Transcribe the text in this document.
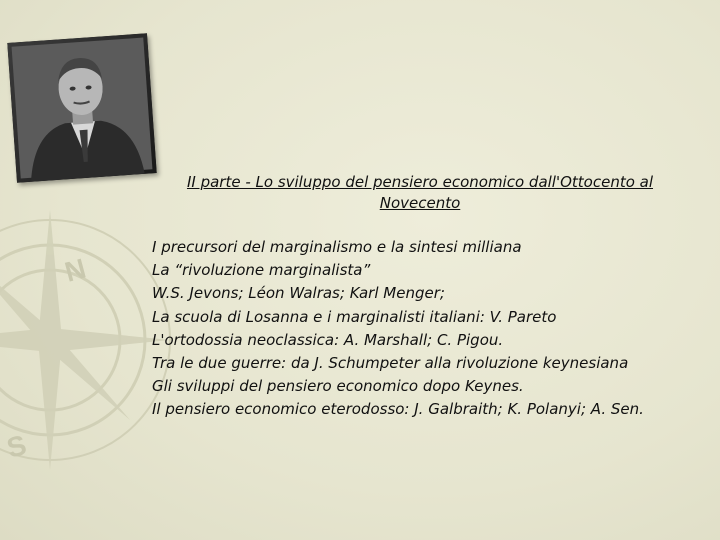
N
S
II parte - Lo sviluppo del pensiero economico dall'Ottocento al
Novecento
I precursori del marginalismo e la sintesi milliana
La “rivoluzione marginalista”
W.S. Jevons; Léon Walras; Karl Menger;
La scuola di Losanna e i marginalisti italiani: V. Pareto
L'ortodossia neoclassica: A. Marshall; C. Pigou.
Tra le due guerre: da J. Schumpeter alla rivoluzione keynesiana
Gli sviluppi del pensiero economico dopo Keynes.
Il pensiero economico eterodosso: J. Galbraith; K. Polanyi; A. Sen.
